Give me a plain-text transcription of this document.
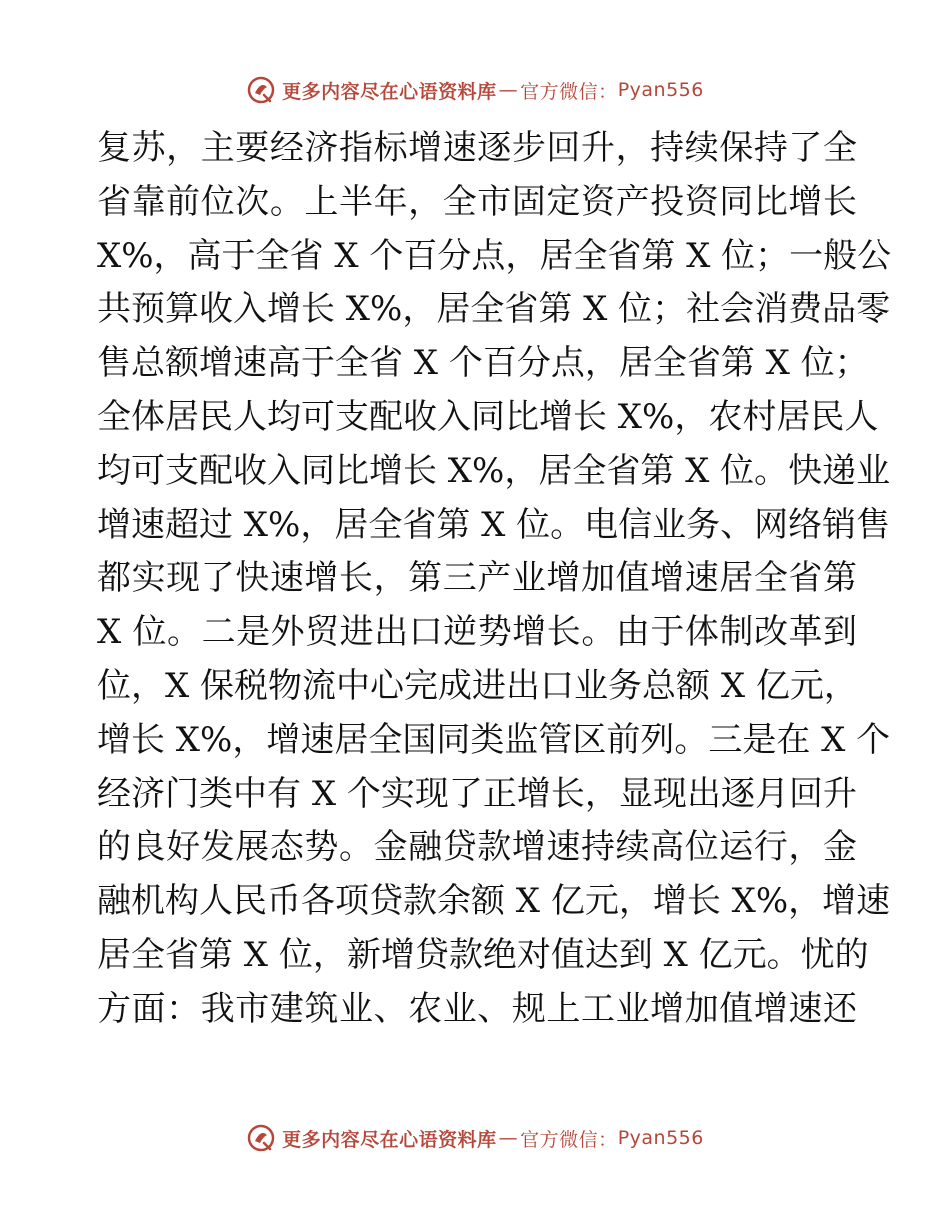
更多内容尽在心语资料库 — 官方微信： Pyan556
复苏，主要经济指标增速逐步回升，持续保持了全
省靠前位次。上半年，全市固定资产投资同比增长
X%，高于全省 X 个百分点，居全省第 X 位；一般公
共预算收入增长 X%，居全省第 X 位；社会消费品零
售总额增速高于全省 X 个百分点，居全省第 X 位；
全体居民人均可支配收入同比增长 X%，农村居民人
均可支配收入同比增长 X%，居全省第 X 位。快递业
增速超过 X%，居全省第 X 位。电信业务、网络销售
都实现了快速增长，第三产业增加值增速居全省第
X 位。二是外贸进出口逆势增长。由于体制改革到
位，X 保税物流中心完成进出口业务总额 X 亿元，
增长 X%，增速居全国同类监管区前列。三是在 X 个
经济门类中有 X 个实现了正增长，显现出逐月回升
的良好发展态势。金融贷款增速持续高位运行，金
融机构人民币各项贷款余额 X 亿元，增长 X%，增速
居全省第 X 位，新增贷款绝对值达到 X 亿元。忧的
方面：我市建筑业、农业、规上工业增加值增速还
更多内容尽在心语资料库 — 官方微信： Pyan556
